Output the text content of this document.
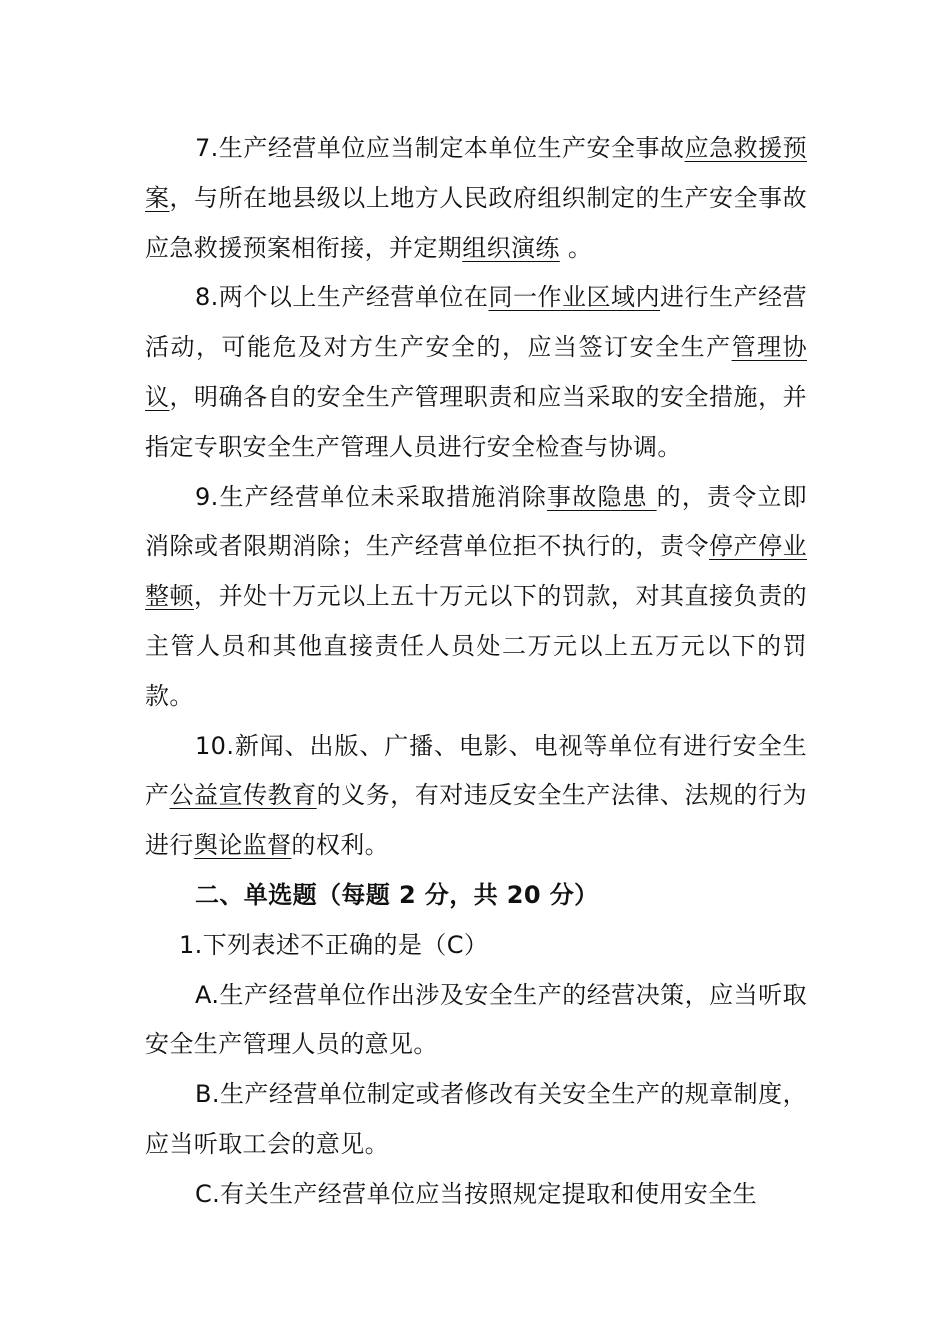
7.生产经营单位应当制定本单位生产安全事故应急救援预案，与所在地县级以上地方人民政府组织制定的生产安全事故应急救援预案相衔接，并定期组织演练 。

8.两个以上生产经营单位在同一作业区域内进行生产经营活动，可能危及对方生产安全的，应当签订安全生产管理协议，明确各自的安全生产管理职责和应当采取的安全措施，并指定专职安全生产管理人员进行安全检查与协调。

9.生产经营单位未采取措施消除事故隐患 的，责令立即消除或者限期消除；生产经营单位拒不执行的，责令停产停业整顿，并处十万元以上五十万元以下的罚款，对其直接负责的主管人员和其他直接责任人员处二万元以上五万元以下的罚款。

10.新闻、出版、广播、电影、电视等单位有进行安全生产公益宣传教育的义务，有对违反安全生产法律、法规的行为进行舆论监督的权利。

二、单选题（每题 2 分，共 20 分）

1.下列表述不正确的是（C）

A.生产经营单位作出涉及安全生产的经营决策，应当听取安全生产管理人员的意见。

B.生产经营单位制定或者修改有关安全生产的规章制度，应当听取工会的意见。

C.有关生产经营单位应当按照规定提取和使用安全生
